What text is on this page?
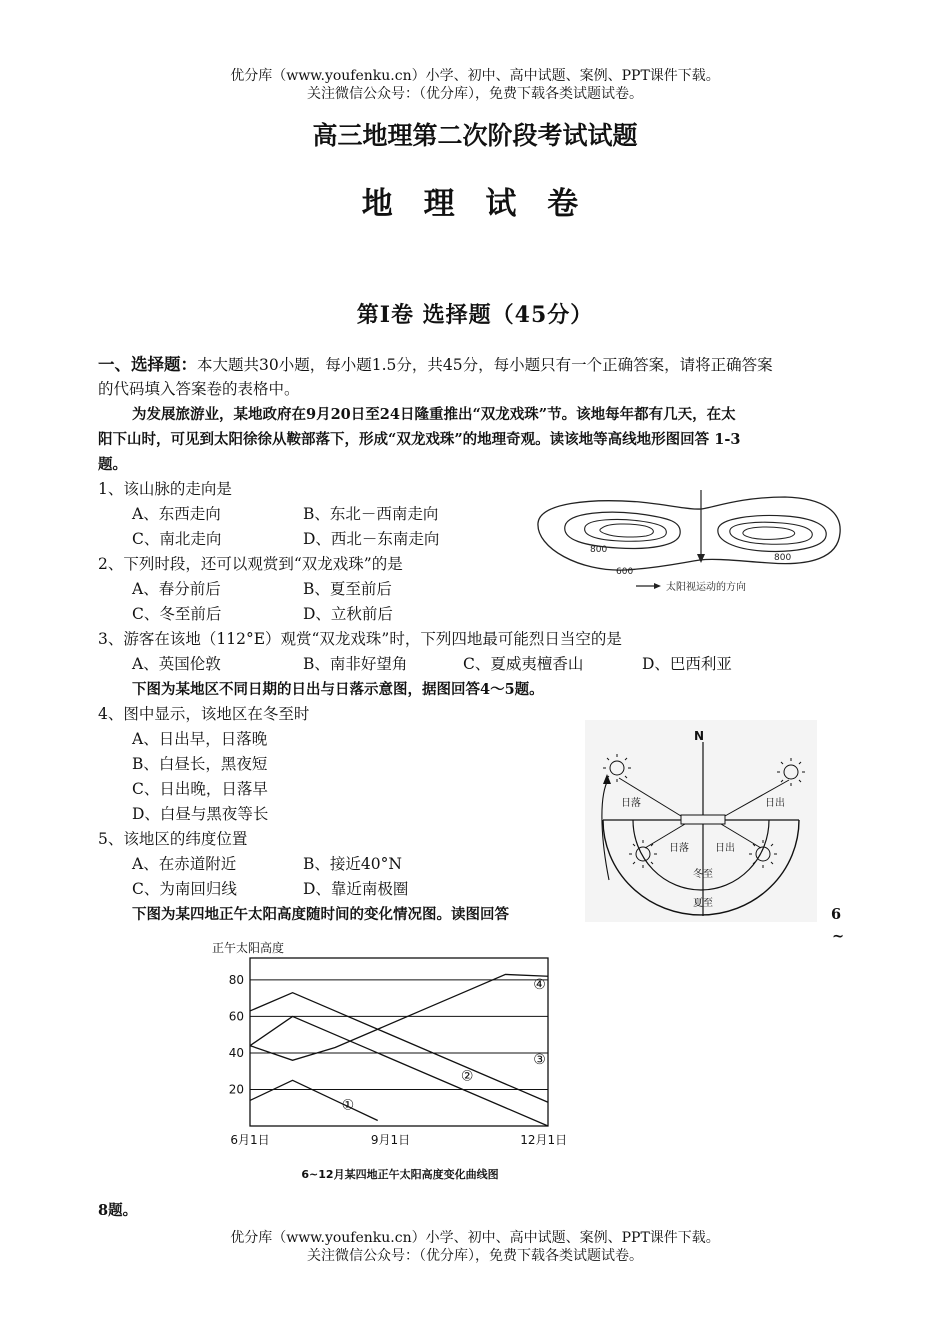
优分库（www.youfenku.cn）小学、初中、高中试题、案例、PPT课件下载。
关注微信公众号：（优分库），免费下载各类试题试卷。
高三地理第二次阶段考试试题
地 理 试 卷
第Ⅰ卷 选择题（45分）
一、选择题：本大题共30小题，每小题1.5分，共45分，每小题只有一个正确答案，请将正确答案
的代码填入答案卷的表格中。
为发展旅游业，某地政府在9月20日至24日隆重推出“双龙戏珠”节。该地每年都有几天，在太
阳下山时，可见到太阳徐徐从鞍部落下，形成“双龙戏珠”的地理奇观。读该地等高线地形图回答 1-3
题。
1、该山脉的走向是
A、东西走向	B、东北－西南走向
C、南北走向	D、西北－东南走向
2、下列时段，还可以观赏到“双龙戏珠”的是
A、春分前后	B、夏至前后
C、冬至前后	D、立秋前后
3、游客在该地（112°E）观赏“双龙戏珠”时，下列四地最可能烈日当空的是
A、英国伦敦	B、南非好望角	C、夏威夷檀香山	D、巴西利亚
下图为某地区不同日期的日出与日落示意图，据图回答4～5题。
4、图中显示，该地区在冬至时
A、日出早，日落晚
B、白昼长，黑夜短
C、日出晚，日落早
D、白昼与黑夜等长
5、该地区的纬度位置
A、在赤道附近	B、接近40°N
C、为南回归线	D、靠近南极圈
下图为某四地正午太阳高度随时间的变化情况图。读图回答	6
~
8题。
800
800
600
太阳视运动的方向
N
日落	日出
日落	日出
冬至
夏至
正午太阳高度
20
40
60
80
6月1日	9月1日	12月1日
①
②
③
④
6~12月某四地正午太阳高度变化曲线图
优分库（www.youfenku.cn）小学、初中、高中试题、案例、PPT课件下载。
关注微信公众号：（优分库），免费下载各类试题试卷。
